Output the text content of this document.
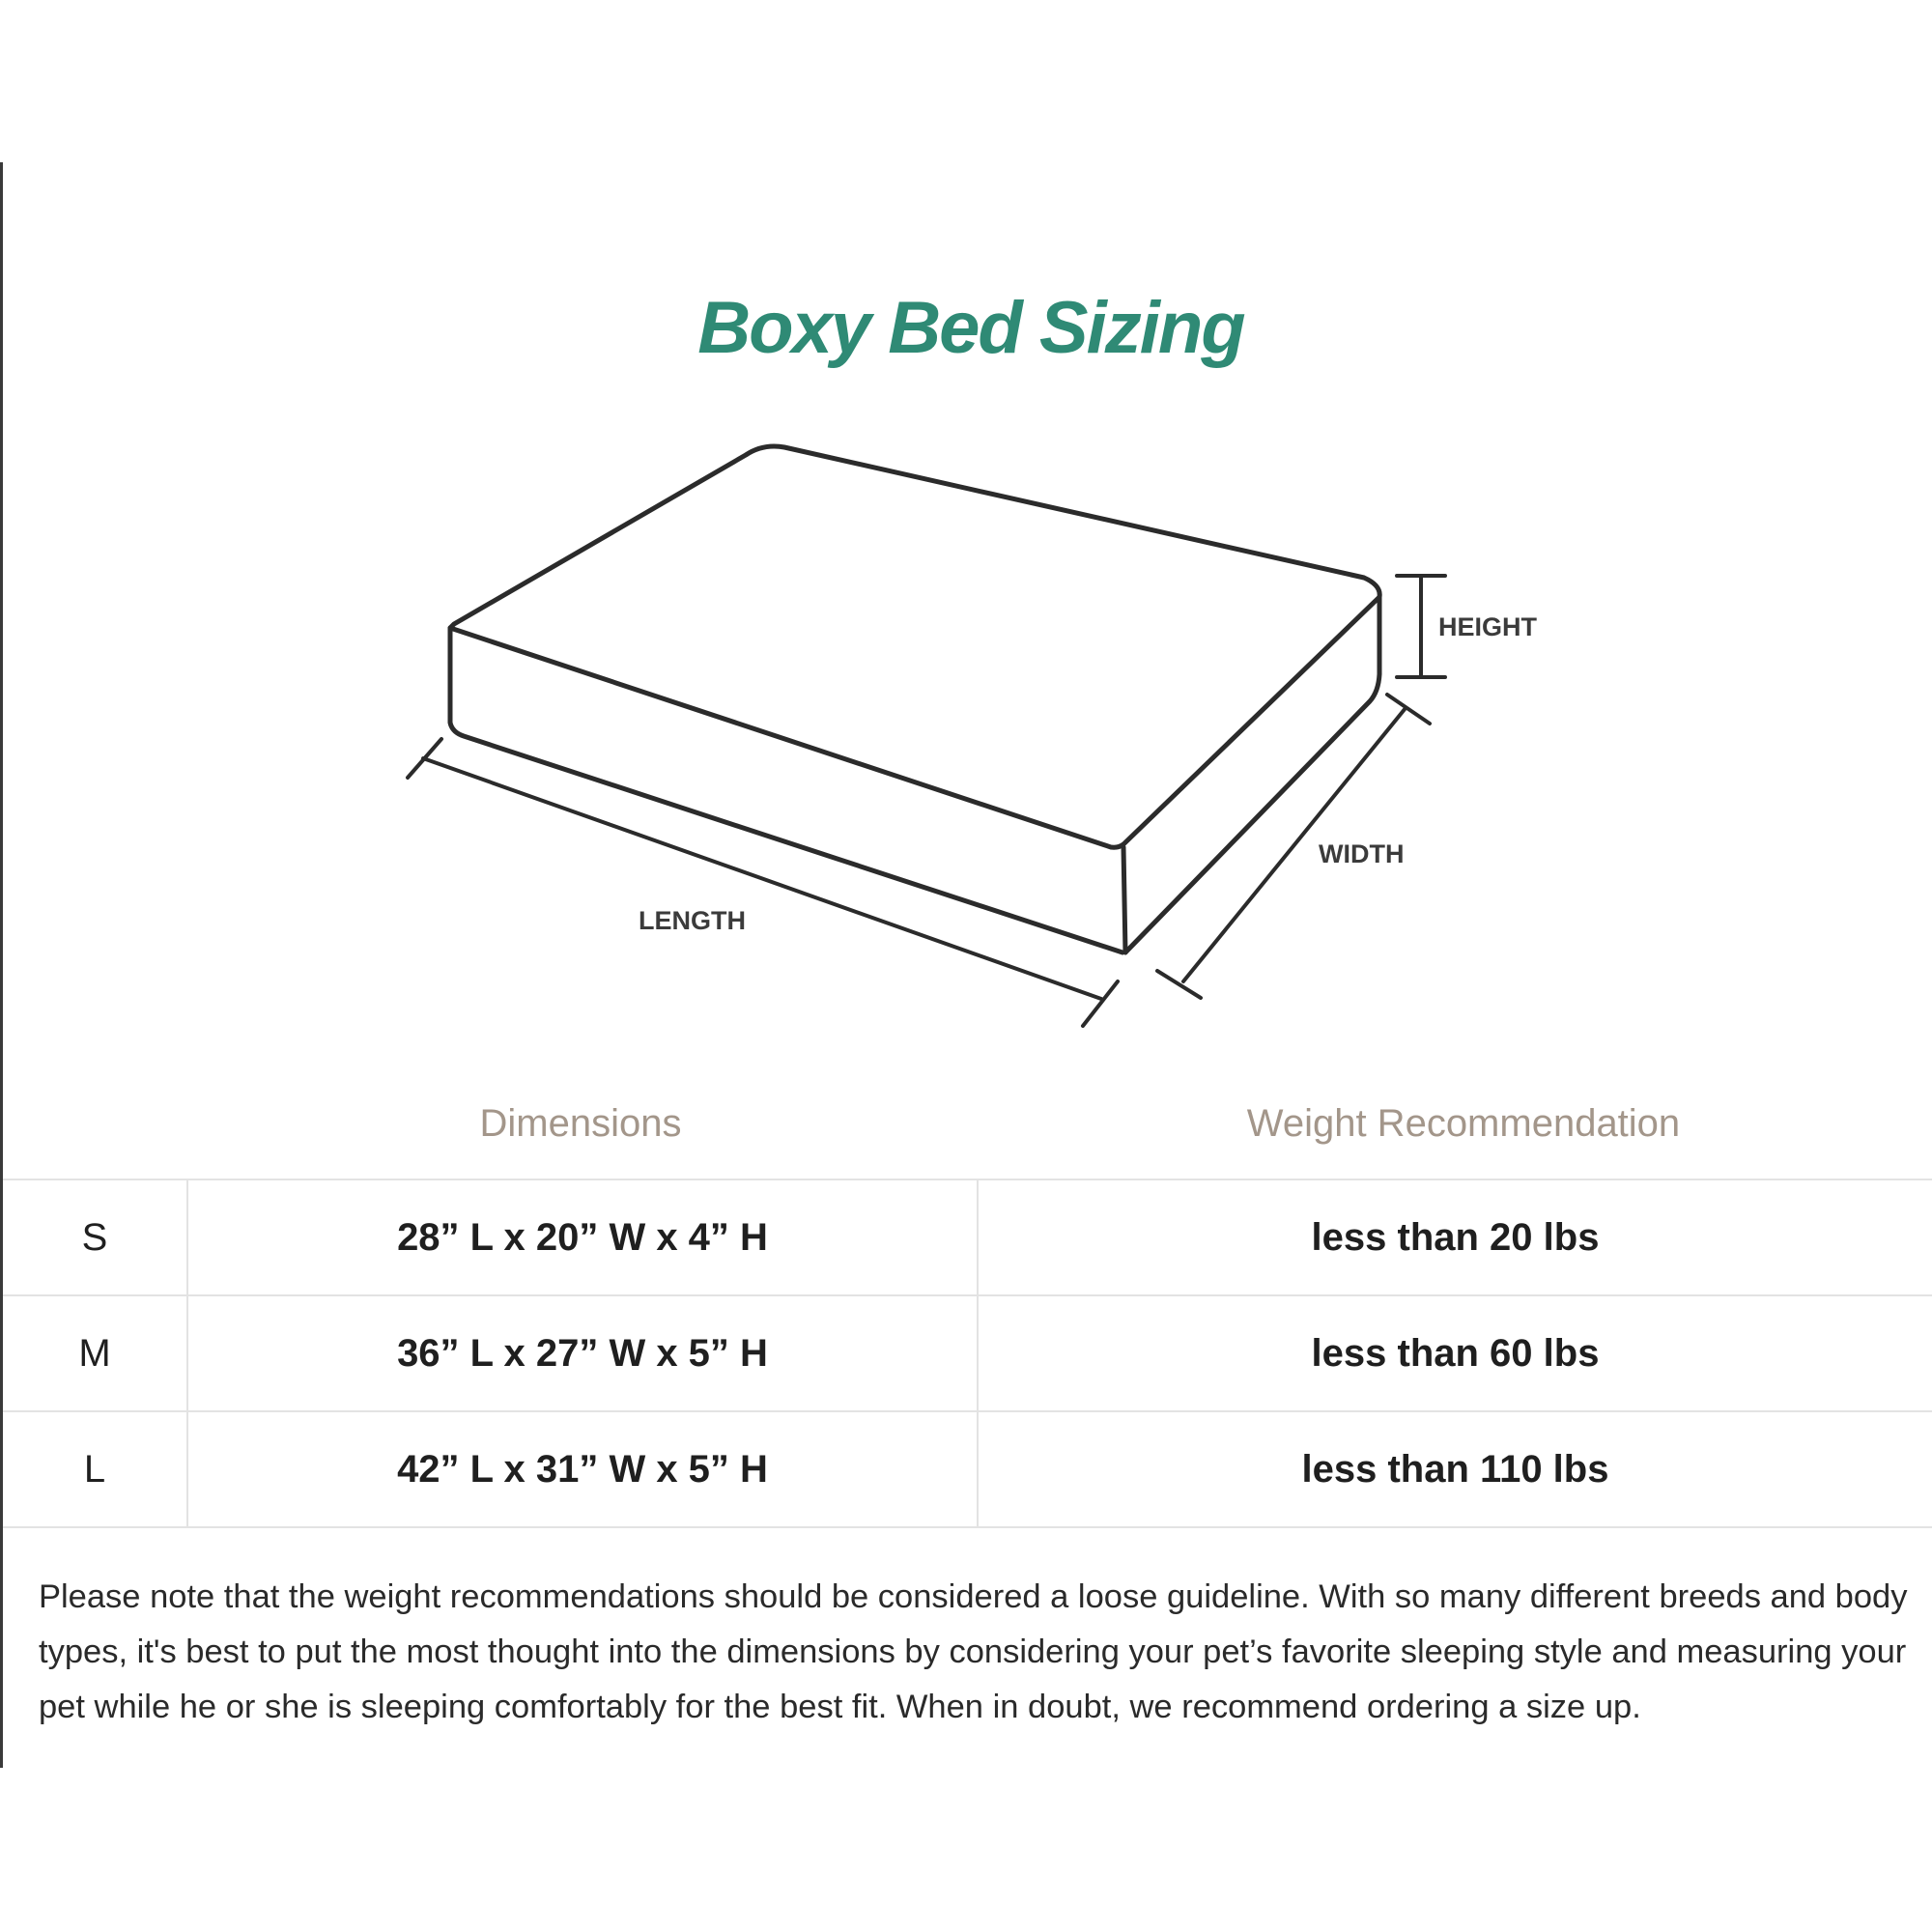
Boxy Bed Sizing
HEIGHT
WIDTH
LENGTH
Dimensions	Weight Recommendation
S	28” L x 20” W x 4” H	less than 20 lbs
M	36” L x 27” W x 5” H	less than 60 lbs
L	42” L x 31” W x 5” H	less than 110 lbs

Please note that the weight recommendations should be considered a loose guideline. With so many different breeds and body types, it's best to put the most thought into the dimensions by considering your pet’s favorite sleeping style and measuring your pet while he or she is sleeping comfortably for the best fit. When in doubt, we recommend ordering a size up.
